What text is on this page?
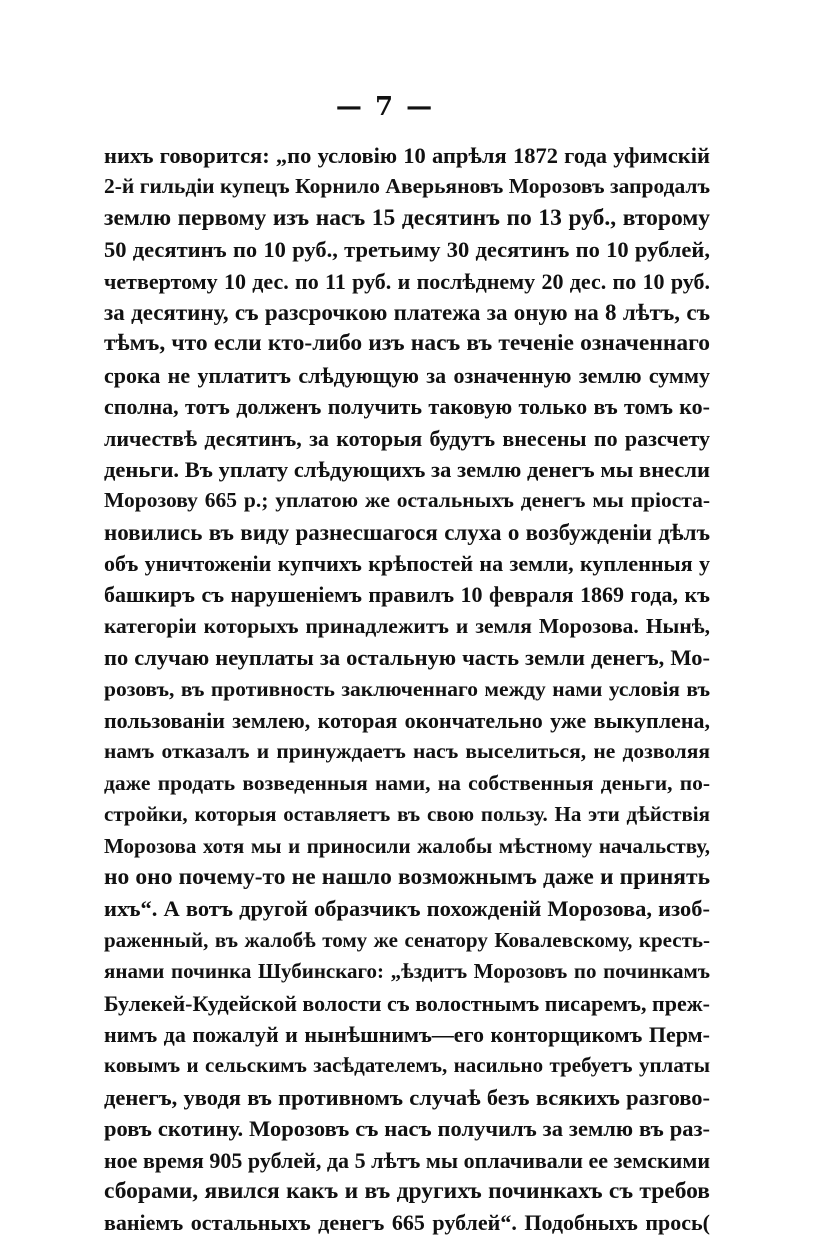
— 7 —
нихъ говорится: „по условію 10 апрѣля 1872 года уфимскій
2-й гильдіи купецъ Корнило Аверьяновъ Морозовъ запродалъ
землю первому изъ насъ 15 десятинъ по 13 руб., второму
50 десятинъ по 10 руб., третьиму 30 десятинъ по 10 рублей,
четвертому 10 дес. по 11 руб. и послѣднему 20 дес. по 10 руб.
за десятину, съ разсрочкою платежа за оную на 8 лѣтъ, съ
тѣмъ, что если кто-либо изъ насъ въ теченіе означеннаго
срока не уплатитъ слѣдующую за означенную землю сумму
сполна, тотъ долженъ получить таковую только въ томъ ко-
личествѣ десятинъ, за которыя будутъ внесены по разсчету
деньги. Въ уплату слѣдующихъ за землю денегъ мы внесли
Морозову 665 р.; уплатою же остальныхъ денегъ мы пріоста-
новились въ виду разнесшагося слуха о возбужденіи дѣлъ
объ уничтоженіи купчихъ крѣпостей на земли, купленныя у
башкиръ съ нарушеніемъ правилъ 10 февраля 1869 года, къ
категоріи которыхъ принадлежитъ и земля Морозова. Нынѣ,
по случаю неуплаты за остальную часть земли денегъ, Мо-
розовъ, въ противность заключеннаго между нами условія въ
пользованіи землею, которая окончательно уже выкуплена,
намъ отказалъ и принуждаетъ насъ выселиться, не дозволяя
даже продать возведенныя нами, на собственныя деньги, по-
стройки, которыя оставляетъ въ свою пользу. На эти дѣйствія
Морозова хотя мы и приносили жалобы мѣстному начальству,
но оно почему-то не нашло возможнымъ даже и принять
ихъ“. А вотъ другой образчикъ похожденій Морозова, изоб-
раженный, въ жалобѣ тому же сенатору Ковалевскому, кресть-
янами починка Шубинскаго: „ѣздитъ Морозовъ по починкамъ
Булекей-Кудейской волости съ волостнымъ писаремъ, преж-
нимъ да пожалуй и нынѣшнимъ—его конторщикомъ Перм-
ковымъ и сельскимъ засѣдателемъ, насильно требуетъ уплаты
денегъ, уводя въ противномъ случаѣ безъ всякихъ разгово-
ровъ скотину. Морозовъ съ насъ получилъ за землю въ раз-
ное время 905 рублей, да 5 лѣтъ мы оплачивали ее земскими
сборами, явился какъ и въ другихъ починкахъ съ требов
ваніемъ остальныхъ денегъ 665 рублей“. Подобныхъ прось(
